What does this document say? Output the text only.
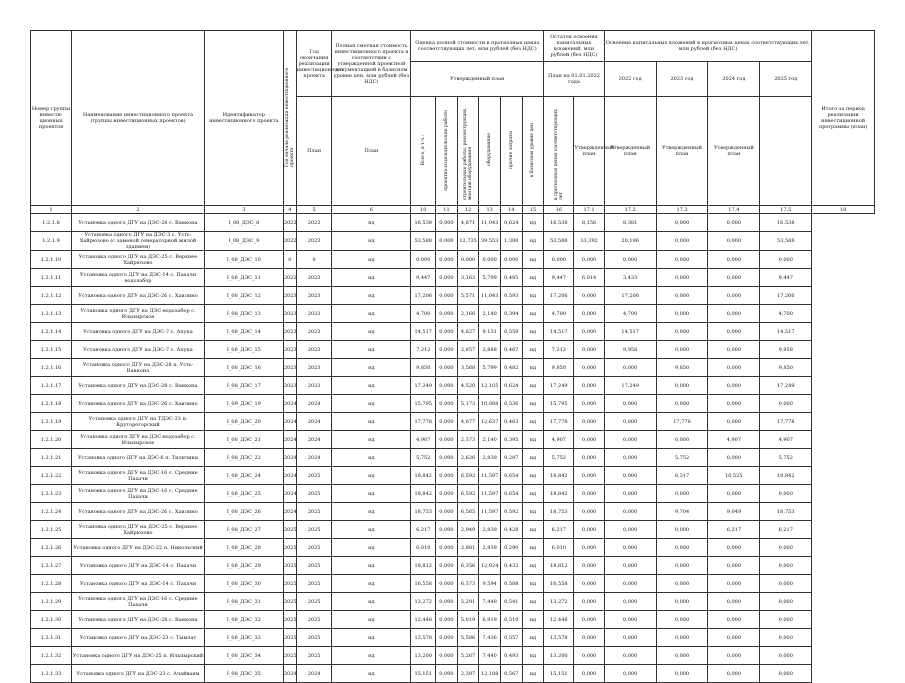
Номер группы инвести-ционных проектов	Наименование инвестиционного проекта (группы инвестиционных проектов)	Идентификатор инвестиционного проекта	Год начала реализации инвестиционного проекта	Год окончания реализации инвестиционного проекта	Полная сметная стоимость инвестиционного проекта в соответствии с утвержденной проектной документацией в базисном уровне цен, млн рублей (без НДС)	Оценка полной стоимости в прогнозных ценах соответствующих лет, млн рублей (без НДС)						Остаток освоения капитальных вложений, млн рублей (без НДС)		Освоение капитальных вложений в прогнозных ценах соответствующих лет, млн рублей (без НДС)				Итого за период реализации инвестиционной программы (план)
						Утвержденный план						План на 01.01.2022 года		2022 год	2023 год	2024 год	2025 год	
				План	План	Всего, в т.ч.:	проектно-изыскательские работы	строительные работы, реконструкция, монтаж оборудования	оборудование	прочие затраты	в базисном уровне цен	в прогнозных ценах соответствующих лет	Утвержденный план	Утвержденный план	Утвержденный план	Утвержденный план		
1	2	3	4	5	6	10	11	12	13	14	15	16	17.1	17.2	17.3	17.4	17.5	18
1.2.1.8	Установка одного ДГУ на ДЭС-28 с. Ванкона	I_08_ДЭС_8	2022	2023	нд	16,538	0,000	4,871	11,043	0,624	нд	16,538	8,156	8,381	0,000	0,000	16,538	
1.2.1.9	Установка одного ДГУ на ДЭС-3 с. Усть-Хайрюзово (с заменой генераторной жилой зданием)	I_08_ДЭС_9	2022	2023	нд	53,588	0,000	12,735	39,553	1,300	нд	53,588	33,392	20,196	0,000	0,000	53,588	
1.2.1.10	Установка одного ДГУ на ДЭС-25 с. Верхнее Хайрюзово	I_08_ДЭС_10	0	0	нд	0,000	0,000	0,000	0,000	0,000	нд	0,000	0,000	0,000	0,000	0,000	0,000	
1.2.1.11	Установка одного ДГУ на ДЭС-14 с. Пахачи водозабор	I_08_ДЭС_11	2022	2023	нд	9,447	0,000	3,163	5,799	0,485	нд	9,447	6,014	3,433	0,000	0,000	9,447	
1.2.1.12	Установка одного ДГУ на ДЭС-26 с. Хаилино	I_08_ДЭС_12	2023	2023	нд	17,206	0,000	5,571	11,043	0,593	нд	17,206	0,000	17,206	0,000	0,000	17,206	
1.2.1.13	Установка одного ДГУ на ДЭС-водозабор с. Ильпырское	I_08_ДЭС_13	2023	2023	нд	4,700	0,000	2,166	2,140	0,394	нд	4,700	0,000	4,700	0,000	0,000	4,700	
1.2.1.14	Установка одного ДГУ на ДЭС-7 с. Апука	I_08_ДЭС_14	2023	2023	нд	14,517	0,000	4,827	9,131	0,559	нд	14,517	0,000	14,517	0,000	0,000	14,517	
1.2.1.15	Установка одного ДГУ на ДЭС-7 с. Апука	I_08_ДЭС_15	2023	2023	нд	7,212	0,000	2,857	3,888	0,467	нд	7,212	0,000	9,958	0,000	0,000	9,958	
1.2.1.16	Установка одного ДГУ на ДЭС-28 п. Усть-Ванкона	I_08_ДЭС_16	2023	2023	нд	9,850	0,000	3,568	5,799	0,482	нд	9,850	0,000	0,000	9,850	0,000	9,850	
1.2.1.17	Установка одного ДГУ на ДЭС-28 с. Ванкона	I_08_ДЭС_17	2023	2023	нд	17,249	0,000	4,520	12,105	0,624	нд	17,249	0,000	17,249	0,000	0,000	17,249	
1.2.1.18	Установка одного ДГУ на ДЭС-26 с. Хаилино	I_09_ДЭС_19	2024	2024	нд	15,795	0,000	5,173	10,088	0,536	нд	15,795	0,000	0,000	0,000	0,000	0,000	
1.2.1.19	Установка одного ДГУ на ТДЭС-33 п. Круторогорский	I_08_ДЭС_20	2024	2024	нд	17,778	0,000	4,677	12,637	0,463	нд	17,778	0,000	0,000	17,778	0,000	17,778	
1.2.1.20	Установка одного ДГУ на ДЭС-водозабор с. Ильпырское	I_08_ДЭС_21	2024	2024	нд	4,907	0,000	2,373	2,140	0,395	нд	4,907	0,000	0,000	0,000	4,907	4,907	
1.2.1.21	Установка одного ДГУ на ДЭС-6 п. Тиличики	I_08_ДЭС_22	2024	2024	нд	5,752	0,000	2,626	2,839	0,287	нд	5,752	0,000	0,000	5,752	0,000	5,752	
1.2.1.22	Установка одного ДГУ на ДЭС-16 с. Средние Пахачи	I_08_ДЭС_24	2024	2025	нд	18,842	0,000	6,592	11,597	0,654	нд	18,842	0,000	0,000	8,317	10,525	18,842	
1.2.1.23	Установка одного ДГУ на ДЭС-16 с. Средние Пахачи	I_08_ДЭС_25	2024	2025	нд	18,842	0,000	6,592	11,597	0,654	нд	18,842	0,000	0,000	0,000	0,000	0,000	
1.2.1.24	Установка одного ДГУ на ДЭС-26 с. Хаилино	I_08_ДЭС_26	2024	2025	нд	18,753	0,000	6,565	11,597	0,592	нд	18,753	0,000	0,000	9,704	9,049	18,753	
1.2.1.25	Установка одного ДГУ на ДЭС-25 с. Верхнее Хайрюзово	I_08_ДЭС_27	2025	2025	нд	6,217	0,000	2,949	2,839	0,428	нд	6,217	0,000	0,000	0,000	6,217	6,217	
1.2.1.26	Установка одного ДГУ на ДЭС-22 п. Никольский	I_08_ДЭС_28	2025	2025	нд	6,010	0,000	2,881	2,839	0,290	нд	6,010	0,000	0,000	0,000	0,000	0,000	
1.2.1.27	Установка одного ДГУ на ДЭС-14 с. Пахачи	I_08_ДЭС_29	2025	2025	нд	18,812	0,000	6,356	12,024	0,432	нд	18,812	0,000	0,000	0,000	0,000	0,000	
1.2.1.28	Установка одного ДГУ на ДЭС-14 с. Пахачи	I_08_ДЭС_30	2025	2025	нд	16,558	0,000	6,373	9,594	0,588	нд	16,558	0,000	0,000	0,000	0,000	0,000	
1.2.1.29	Установка одного ДГУ на ДЭС-16 с. Средние Пахачи	I_08_ДЭС_31	2025	2025	нд	13,272	0,000	5,291	7,440	0,541	нд	13,272	0,000	0,000	0,000	0,000	0,000	
1.2.1.30	Установка одного ДГУ на ДЭС-28 с. Ванкона	I_08_ДЭС_32	2025	2025	нд	12,448	0,000	5,019	6,919	0,510	нд	12,448	0,000	0,000	0,000	0,000	0,000	
1.2.1.31	Установка одного ДГУ на ДЭС-23 с. Тымлат	I_08_ДЭС_33	2025	2025	нд	13,578	0,000	5,586	7,436	0,557	нд	13,578	0,000	0,000	0,000	0,000	0,000	
1.2.1.32	Установка одного ДГУ на ДЭС-25 п. Ильпырский	I_08_ДЭС_34	2025	2025	нд	13,200	0,000	5,267	7,440	0,493	нд	13,200	0,000	0,000	0,000	0,000	0,000	
1.2.1.33	Установка одного ДГУ на ДЭС-23 с. Ачайваям	I_08_ДЭС_35	2024	2024	нд	15,151	0,000	2,397	12,188	0,567	нд	15,151	0,000	0,000	0,000	0,000	0,000	
